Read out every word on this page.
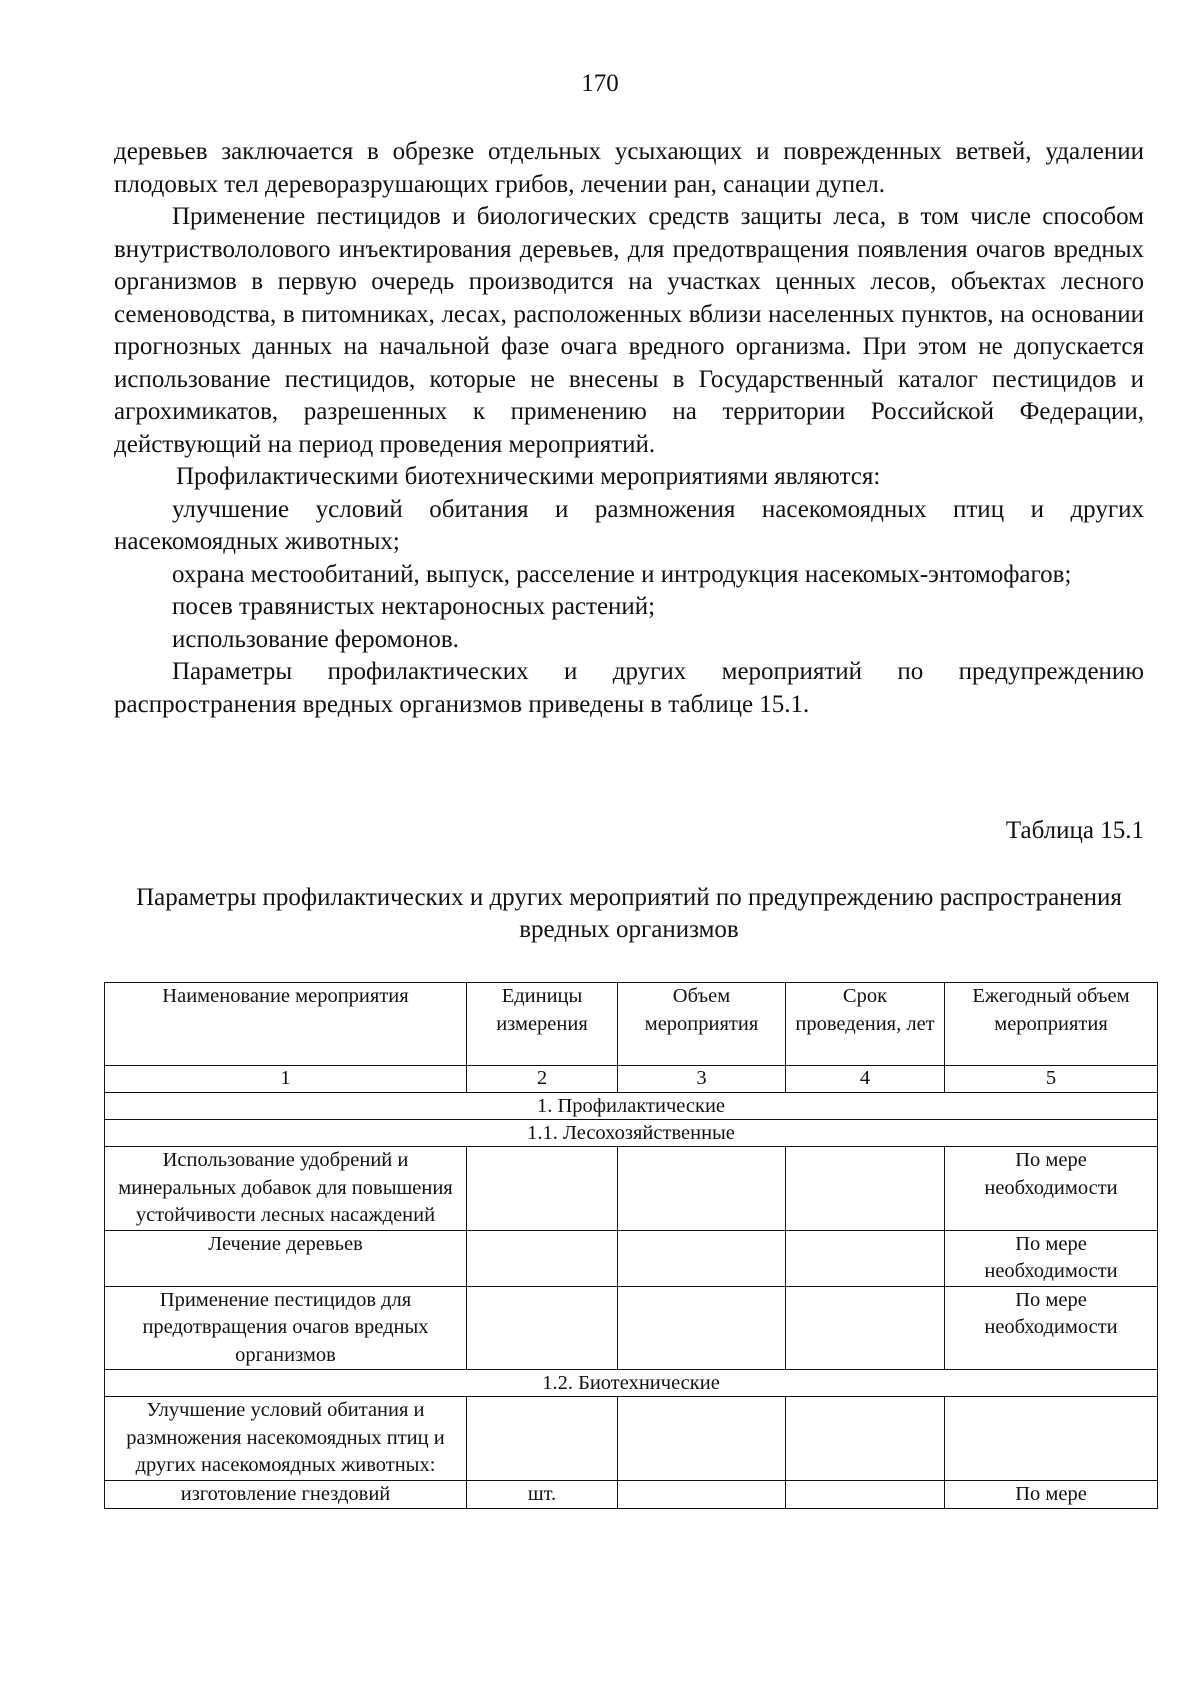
170

деревьев заключается в обрезке отдельных усыхающих и поврежденных ветвей, удалении плодовых тел дереворазрушающих грибов, лечении ран, санации дупел.

Применение пестицидов и биологических средств защиты леса, в том числе способом внутриствололового инъектирования деревьев, для предотвращения появления очагов вредных организмов в первую очередь производится на участках ценных лесов, объектах лесного семеноводства, в питомниках, лесах, расположенных вблизи населенных пунктов, на основании прогнозных данных на начальной фазе очага вредного организма. При этом не допускается использование пестицидов, которые не внесены в Государственный каталог пестицидов и агрохимикатов, разрешенных к применению на территории Российской Федерации, действующий на период проведения мероприятий.

Профилактическими биотехническими мероприятиями являются:

улучшение условий обитания и размножения насекомоядных птиц и других насекомоядных животных;

охрана местообитаний, выпуск, расселение и интродукция насекомых-энтомофагов;

посев травянистых нектароносных растений;

использование феромонов.

Параметры профилактических и других мероприятий по предупреждению распространения вредных организмов приведены в таблице 15.1.

Таблица 15.1
Параметры профилактических и других мероприятий по предупреждению распространения вредных организмов
Наименование мероприятия	Единицы измерения	Объем мероприятия	Срок проведения, лет	Ежегодный объем мероприятия
1	2	3	4	5
1. Профилактические				
1.1. Лесохозяйственные				
Использование удобрений и минеральных добавок для повышения устойчивости лесных насаждений				По мере необходимости
Лечение деревьев				По мере необходимости
Применение пестицидов для предотвращения очагов вредных организмов				По мере необходимости
1.2. Биотехнические				
Улучшение условий обитания и размножения насекомоядных птиц и других насекомоядных животных:				
изготовление гнездовий	шт.			По мере
